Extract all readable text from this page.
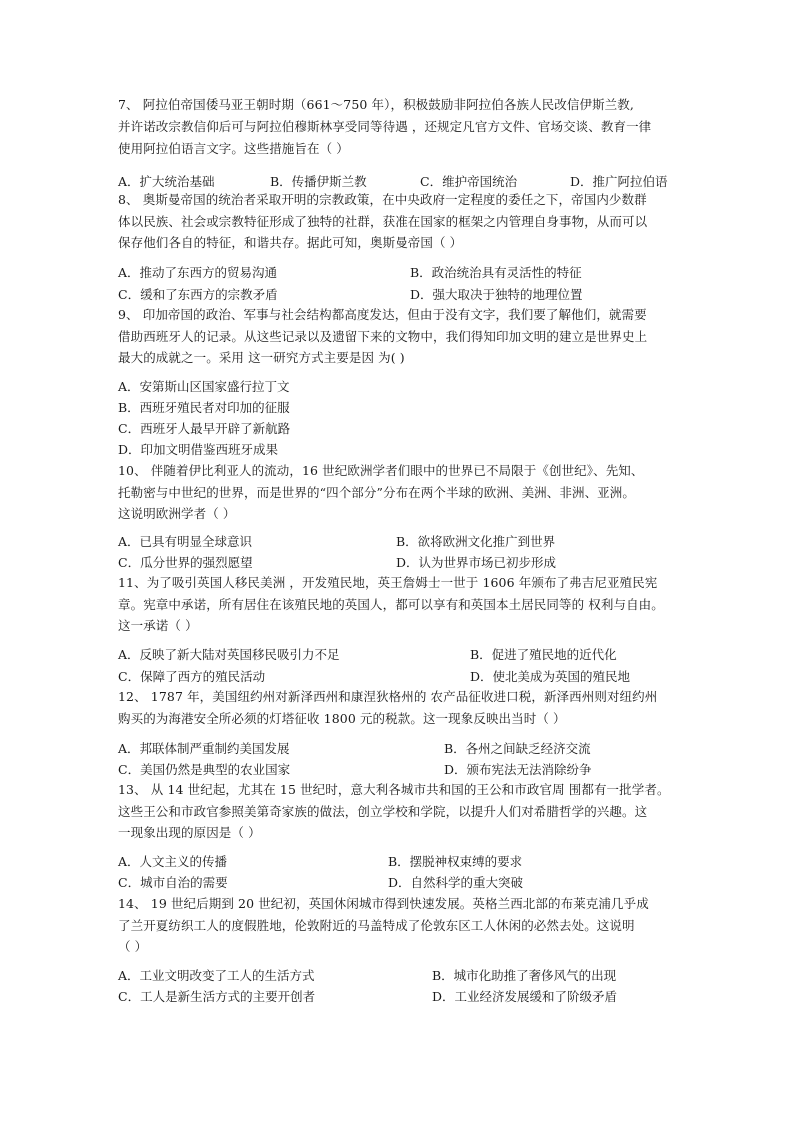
7、 阿拉伯帝国倭马亚王朝时期（661～750 年），积极鼓励非阿拉伯各族人民改信伊斯兰教,
并许诺改宗教信仰后可与阿拉伯穆斯林享受同等待遇 ，还规定凡官方文件、官场交谈、教育一律
使用阿拉伯语言文字。这些措施旨在（ ）
A．扩大统治基础	B．传播伊斯兰教	C．维护帝国统治	D．推广阿拉伯语
8、 奥斯曼帝国的统治者采取开明的宗教政策，在中央政府一定程度的委任之下，帝国内少数群
体以民族、社会或宗教特征形成了独特的社群，获准在国家的框架之内管理自身事物，从而可以
保存他们各自的特征，和谐共存。据此可知，奥斯曼帝国（ ）
A．推动了东西方的贸易沟通	B．政治统治具有灵活性的特征
C．缓和了东西方的宗教矛盾	D．强大取决于独特的地理位置
9、 印加帝国的政治、军事与社会结构都高度发达，但由于没有文字，我们要了解他们，就需要
借助西班牙人的记录。从这些记录以及遗留下来的文物中，我们得知印加文明的建立是世界史上
最大的成就之一。采用 这一研究方式主要是因 为( )
A．安第斯山区国家盛行拉丁文
B．西班牙殖民者对印加的征服
C．西班牙人最早开辟了新航路
D．印加文明借鉴西班牙成果
10、 伴随着伊比利亚人的流动，16 世纪欧洲学者们眼中的世界已不局限于《创世纪》、先知、
托勒密与中世纪的世界，而是世界的“四个部分”分布在两个半球的欧洲、美洲、非洲、亚洲。
这说明欧洲学者（ ）
A．已具有明显全球意识	B．欲将欧洲文化推广到世界
C．瓜分世界的强烈愿望	D．认为世界市场已初步形成
11、为了吸引英国人移民美洲 ，开发殖民地，英王詹姆士一世于 1606 年颁布了弗吉尼亚殖民宪
章。宪章中承诺，所有居住在该殖民地的英国人，都可以享有和英国本土居民同等的 权利与自由。
这一承诺（ ）
A．反映了新大陆对英国移民吸引力不足	B．促进了殖民地的近代化
C．保障了西方的殖民活动	D．使北美成为英国的殖民地
12、 1787 年，美国纽约州对新泽西州和康涅狄格州的 农产品征收进口税，新泽西州则对纽约州
购买的为海港安全所必须的灯塔征收 1800 元的税款。这一现象反映出当时（ ）
A．邦联体制严重制约美国发展	B．各州之间缺乏经济交流
C．美国仍然是典型的农业国家	D．颁布宪法无法消除纷争
13、 从 14 世纪起，尤其在 15 世纪时，意大利各城市共和国的王公和市政官周 围都有一批学者。
这些王公和市政官参照美第奇家族的做法，创立学校和学院，以提升人们对希腊哲学的兴趣。这
一现象出现的原因是（ ）
A．人文主义的传播	B．摆脱神权束缚的要求
C．城市自治的需要	D．自然科学的重大突破
14、 19 世纪后期到 20 世纪初，英国休闲城市得到快速发展。英格兰西北部的布莱克浦几乎成
了兰开夏纺织工人的度假胜地，伦敦附近的马盖特成了伦敦东区工人休闲的必然去处。这说明
（ ）
A．工业文明改变了工人的生活方式	B．城市化助推了奢侈风气的出现
C．工人是新生活方式的主要开创者	D．工业经济发展缓和了阶级矛盾
